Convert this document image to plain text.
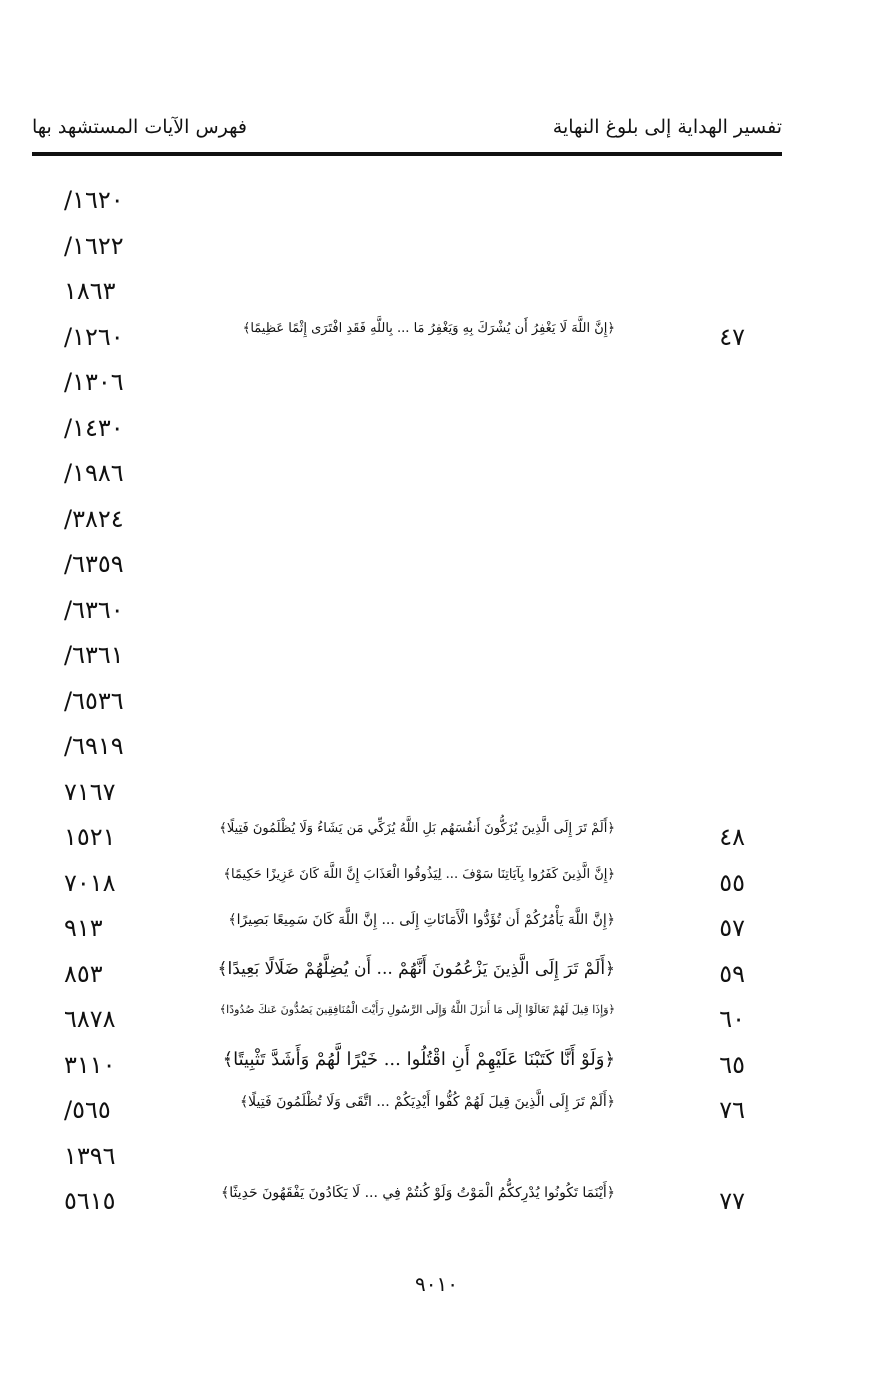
تفسير الهداية إلى بلوغ النهاية
فهرس الآيات المستشهد بها
/١٦٢٠
/١٦٢٢
١٨٦٣
/١٢٦٠	﴿إِنَّ اللَّهَ لَا يَغْفِرُ أَن يُشْرَكَ بِهِ وَيَغْفِرُ مَا ... بِاللَّهِ فَقَدِ افْتَرَى إِثْمًا عَظِيمًا﴾	٤٧
/١٣٠٦
/١٤٣٠
/١٩٨٦
/٣٨٢٤
/٦٣٥٩
/٦٣٦٠
/٦٣٦١
/٦٥٣٦
/٦٩١٩
٧١٦٧
١٥٢١	﴿أَلَمْ تَرَ إِلَى الَّذِينَ يُزَكُّونَ أَنفُسَهُم بَلِ اللَّهُ يُزَكِّي مَن يَشَاءُ وَلَا يُظْلَمُونَ فَتِيلًا﴾	٤٨
٧٠١٨	﴿إِنَّ الَّذِينَ كَفَرُوا بِآيَاتِنَا سَوْفَ ... لِيَذُوقُوا الْعَذَابَ إِنَّ اللَّهَ كَانَ عَزِيزًا حَكِيمًا﴾	٥٥
٩١٣	﴿إِنَّ اللَّهَ يَأْمُرُكُمْ أَن تُؤَدُّوا الْأَمَانَاتِ إِلَى ... إِنَّ اللَّهَ كَانَ سَمِيعًا بَصِيرًا﴾	٥٧
٨٥٣	﴿أَلَمْ تَرَ إِلَى الَّذِينَ يَزْعُمُونَ أَنَّهُمْ ... أَن يُضِلَّهُمْ ضَلَالًا بَعِيدًا﴾	٥٩
٦٨٧٨	﴿وَإِذَا قِيلَ لَهُمْ تَعَالَوْا إِلَى مَا أَنزَلَ اللَّهُ وَإِلَى الرَّسُولِ رَأَيْتَ الْمُنَافِقِينَ يَصُدُّونَ عَنكَ صُدُودًا﴾	٦٠
٣١١٠	﴿وَلَوْ أَنَّا كَتَبْنَا عَلَيْهِمْ أَنِ اقْتُلُوا ... خَيْرًا لَّهُمْ وَأَشَدَّ تَثْبِيتًا﴾	٦٥
/٥٦٥	﴿أَلَمْ تَرَ إِلَى الَّذِينَ قِيلَ لَهُمْ كُفُّوا أَيْدِيَكُمْ ... اتَّقَى وَلَا تُظْلَمُونَ فَتِيلًا﴾	٧٦
١٣٩٦
٥٦١٥	﴿أَيْنَمَا تَكُونُوا يُدْرِككُّمُ الْمَوْتُ وَلَوْ كُنتُمْ فِي ... لَا يَكَادُونَ يَفْقَهُونَ حَدِيثًا﴾	٧٧
٩٠١٠
